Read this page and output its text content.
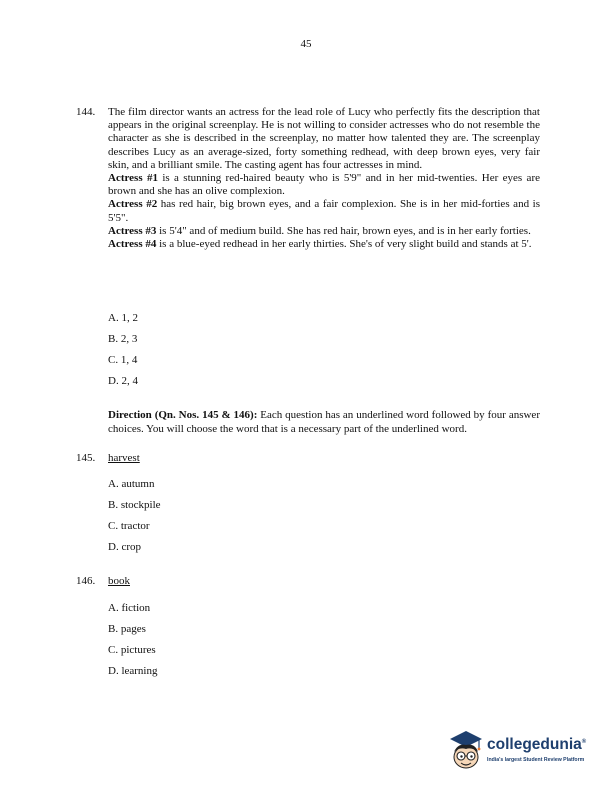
45
144. The film director wants an actress for the lead role of Lucy who perfectly fits the description that appears in the original screenplay. He is not willing to consider actresses who do not resemble the character as she is described in the screenplay, no matter how talented they are. The screenplay describes Lucy as an average-sized, forty something redhead, with deep brown eyes, very fair skin, and a brilliant smile. The casting agent has four actresses in mind.

Actress #1 is a stunning red-haired beauty who is 5'9" and in her mid-twenties. Her eyes are brown and she has an olive complexion.

Actress #2 has red hair, big brown eyes, and a fair complexion. She is in her mid-forties and is 5'5".

Actress #3 is 5'4" and of medium build. She has red hair, brown eyes, and is in her early forties.

Actress #4 is a blue-eyed redhead in her early thirties. She's of very slight build and stands at 5'.

A. 1, 2
B. 2, 3
C. 1, 4
D. 2, 4
Direction (Qn. Nos. 145 & 146): Each question has an underlined word followed by four answer choices. You will choose the word that is a necessary part of the underlined word.
145. harvest
A. autumn
B. stockpile
C. tractor
D. crop
146. book
A. fiction
B. pages
C. pictures
D. learning
collegedunia®
India's largest Student Review Platform
